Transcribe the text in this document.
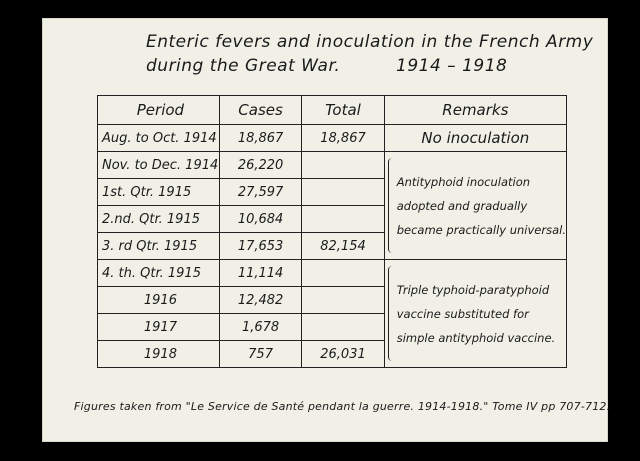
Enteric fevers and inoculation in the French Army
during the Great War.	1914 – 1918
Period	Cases	Total	Remarks
Aug. to Oct. 1914	18,867	18,867	No inoculation
Nov. to Dec. 1914	26,220		Antityphoid inoculation
adopted and gradually
became practically universal.

1st. Qtr. 1915	27,597		
2.nd. Qtr. 1915	10,684		
3. rd Qtr. 1915	17,653	82,154	
4. th. Qtr. 1915	11,114		Triple typhoid-paratyphoid
vaccine substituted for
simple antityphoid vaccine.

1916	12,482		
1917	1,678		
1918	757	26,031	
Figures taken from "Le Service de Santé pendant la guerre. 1914-1918." Tome IV pp 707-712.
